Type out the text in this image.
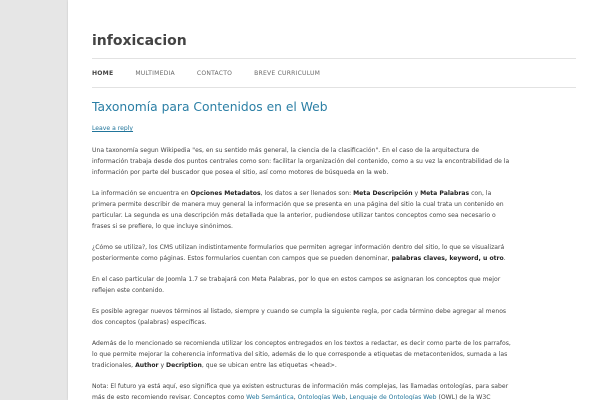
infoxicacion
HOME	MULTIMEDIA	CONTACTO	BREVE CURRICULUM
Taxonomía para Contenidos en el Web
Leave a reply

Una taxonomía segun Wikipedia "es, en su sentido más general, la ciencia de la clasificación". En el caso de la arquitectura de información trabaja desde dos puntos centrales como son: facilitar la organización del contenido, como a su vez la encontrabilidad de la información por parte del buscador que posea el sitio, así como motores de búsqueda en la web.

La información se encuentra en Opciones Metadatos, los datos a ser llenados son: Meta Descripción y Meta Palabras con, la primera permite describir de manera muy general la información que se presenta en una página del sitio la cual trata un contenido en particular. La segunda es una descripción más detallada que la anterior, pudiendose utilizar tantos conceptos como sea necesario o frases si se prefiere, lo que incluye sinónimos.

¿Cómo se utiliza?, los CMS utilizan indistintamente formularios que permiten agregar información dentro del sitio, lo que se visualizará posteriormente como páginas. Estos formularios cuentan con campos que se pueden denominar, palabras claves, keyword, u otro.

En el caso particular de Joomla 1.7 se trabajará con Meta Palabras, por lo que en estos campos se asignaran los conceptos que mejor reflejen este contenido.

Es posible agregar nuevos términos al listado, siempre y cuando se cumpla la siguiente regla, por cada término debe agregar al menos dos conceptos (palabras) específicas.

Además de lo mencionado se recomienda utilizar los conceptos entregados en los textos a redactar, es decir como parte de los parrafos, lo que permite mejorar la coherencia informativa del sitio, además de lo que corresponde a etiquetas de metacontenidos, sumada a las tradicionales, Author y Decription, que se ubican entre las etiquetas <head>.

Nota: El futuro ya está aquí, eso significa que ya existen estructuras de información más complejas, las llamadas ontologías, para saber más de esto recomiendo revisar. Conceptos como Web Semántica, Ontologías Web, Lenguaje de Ontologías Web (OWL) de la W3C
